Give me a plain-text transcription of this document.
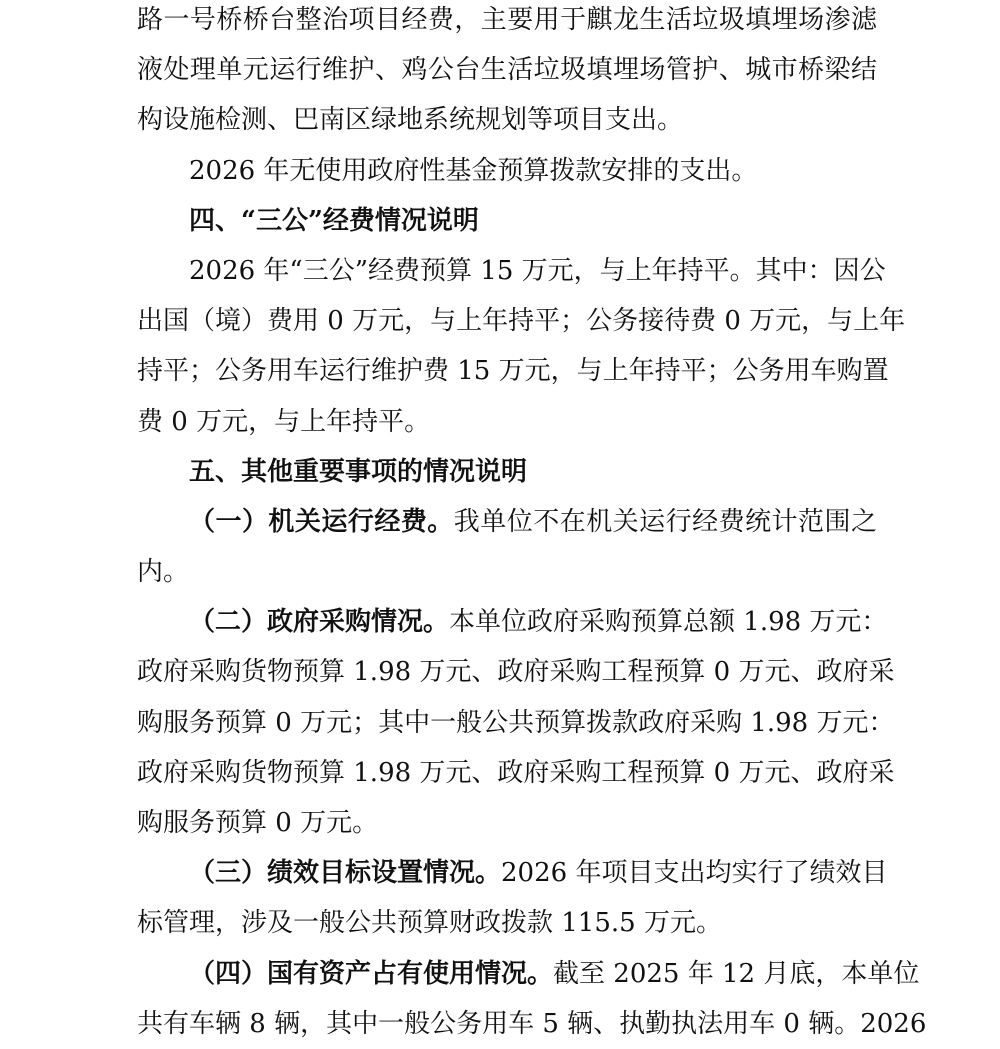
路一号桥桥台整治项目经费，主要用于麒龙生活垃圾填埋场渗滤
液处理单元运行维护、鸡公台生活垃圾填埋场管护、城市桥梁结
构设施检测、巴南区绿地系统规划等项目支出。
2026 年无使用政府性基金预算拨款安排的支出。
四、“三公”经费情况说明
2026 年“三公”经费预算 15 万元，与上年持平。其中：因公
出国（境）费用 0 万元，与上年持平；公务接待费 0 万元，与上年
持平；公务用车运行维护费 15 万元，与上年持平；公务用车购置
费 0 万元，与上年持平。
五、其他重要事项的情况说明
（一）机关运行经费。我单位不在机关运行经费统计范围之
内。
（二）政府采购情况。本单位政府采购预算总额 1.98 万元：
政府采购货物预算 1.98 万元、政府采购工程预算 0 万元、政府采
购服务预算 0 万元；其中一般公共预算拨款政府采购 1.98 万元：
政府采购货物预算 1.98 万元、政府采购工程预算 0 万元、政府采
购服务预算 0 万元。
（三）绩效目标设置情况。2026 年项目支出均实行了绩效目
标管理，涉及一般公共预算财政拨款 115.5 万元。
（四）国有资产占有使用情况。截至 2025 年 12 月底，本单位
共有车辆 8 辆，其中一般公务用车 5 辆、执勤执法用车 0 辆。2026
